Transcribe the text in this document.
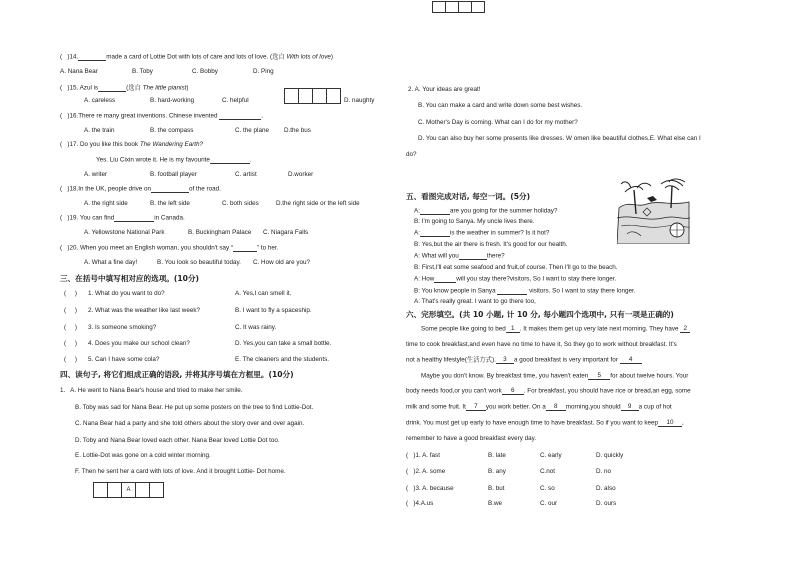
(   )14.	made a card of Lottie Dot with lots of care and lots of love. (选自 With lots of love)
A. Nana Bear	B. Toby	C. Bobby	D. Ping
(   )15. Azul is	(选自 The little pianist)
A. careless	B. hard-working	C. helpful	D. naughty
(   )16.There re many great inventions. Chinese invented	.
A. the train	B. the compass	C. the plane D.the bus
(   )17. Do you like this book The Wandering Earth?
Yes. Liu Cixin wrote it. He is my favourite	.
A. writer	B. football player	C. artist	D.worker
(   )18.In the UK, people drive on	of the road.
A. the right side	B. the left side	C. both sides	D.the right side or the left side
(   )19. You can find	in Canada.
A. Yellowstone National Park	B. Buckingham Palace C. Niagara Falls
(   )20. When you meet an English woman, you shouldn't say “	” to her.
A. What a fine day!	B. You look so beautiful today. C. How old are you?
三、在括号中填写相对应的选项。(10分)
(     ) 1. What do you want to do?	A. Yes,I can smell it.
(     ) 2. What was the weather like last week?	B. I want to fly a spaceship.
(     ) 3. Is someone smoking?	C. It was rainy.
(     ) 4. Does you make our school clean?	D. Yes,you can take a small bottle.
(     ) 5. Can I have some cola?	E. The cleaners and the students.
四、读句子, 将它们组成正确的语段, 并将其序号填在方框里。(10分)
1.   A. He went to Nana Bear's house and tried to make her smile.
B. Toby was sad for Nana Bear. He put up some posters on the tree to find Lottie-Dot.
C. Nana Bear had a party and she told others about the story over and over again.
D. Toby and Nana Bear loved each other. Nana Bear loved Lottie Dot too.
E. Lottie-Dot was gone on a cold winter morning.
F. Then he sent her a card with lots of love. And it brought Lottie- Dot home.
A
2. A. Your ideas are great!
B. You can make a card and write down some best wishes.
C. Mother's Day is coming. What can I do for my mother?
D. You can also buy her some presents like dresses. W omen like beautiful clothes.E. What else can I
do?
五、看图完成对话, 每空一词。(5分)
A:	are you going for the summer holiday?
B: I'm going to Sanya. My uncle lives there.
A:	is the weather in summer? Is it hot?
B: Yes,but the air there is fresh. It's good for our health.
A: What will you	there?
B: First,I'll eat some seafood and fruit,of course. Then I'll go to the beach.
A: How	will you stay there?visitors, So I want to stay there longer.
B: You know people in Sanya	visitors. So I want to stay there longer.
A: That's really great. I want to go there too,
六、完形填空。(共 10 小题, 计 10 分, 每小题四个选项中, 只有一项是正确的)
Some people like going to bed 1 . It makes them get up very late next morning. They have 2
time to cook breakfast,and even have no time to have it, So they go to work without breakfast. It's
not a healthy lifestyle(生活方式). 3 a good breakfast is very important for 4
Maybe you don't know. By breakfast time, you haven't eaten 5 for about twelve hours. Your
body needs food,or you can't work 6 . For breakfast, you should have rice or bread,an egg, some
milk and some fruit. It 7 you work better. On a 8 morning,you should 9 a cup of hot
drink. You must get up early to have enough time to have breakfast. So if you want to keep 10 ,
remember to have a good breakfast every day.
(   )1. A. fast	B. late	C. early	D. quickly
(   )2. A. some	B. any	C.not	D. no
(   )3. A. because	B. but	C. so	D. also
(   )4.A.us	B.we	C. our	D. ours
